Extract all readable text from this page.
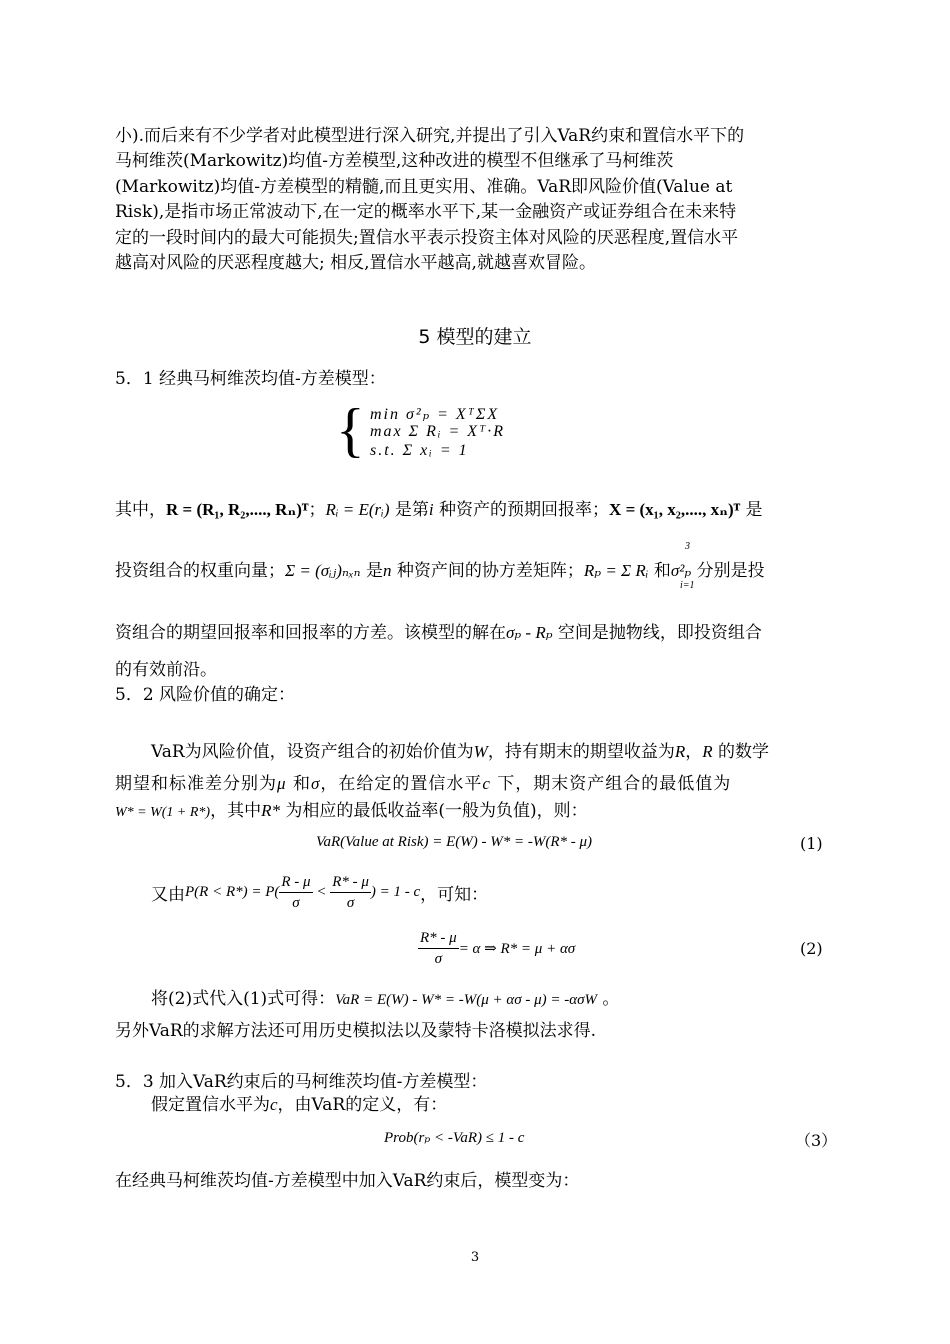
小).而后来有不少学者对此模型进行深入研究,并提出了引入VaR约束和置信水平下的
马柯维茨(Markowitz)均值-方差模型,这种改进的模型不但继承了马柯维茨
(Markowitz)均值-方差模型的精髓,而且更实用、准确。VaR即风险价值(Value at
Risk),是指市场正常波动下,在一定的概率水平下,某一金融资产或证券组合在未来特
定的一段时间内的最大可能损失;置信水平表示投资主体对风险的厌恶程度,置信水平
越高对风险的厌恶程度越大; 相反,置信水平越高,就越喜欢冒险。
5 模型的建立
5．1 经典马柯维茨均值-方差模型：
{ min σ²ₚ = XᵀΣX
max Σ Rᵢ = Xᵀ·R
s.t. Σ xᵢ = 1
其中，R = (R₁, R₂,...., Rₙ)ᵀ；Rᵢ = E(rᵢ) 是第i 种资产的预期回报率；X = (x₁, x₂,...., xₙ)ᵀ 是
投资组合的权重向量；Σ = (σᵢⱼ)ₙₓₙ 是n 种资产间的协方差矩阵；Rₚ = Σ Rᵢ 和σ²ₚ 分别是投
3
i=1
资组合的期望回报率和回报率的方差。该模型的解在σₚ - Rₚ 空间是抛物线，即投资组合
的有效前沿。
5．2 风险价值的确定：
VaR为风险价值，设资产组合的初始价值为W，持有期末的期望收益为R，R 的数学
期望和标准差分别为μ 和σ，在给定的置信水平c 下，期末资产组合的最低值为
W* = W(1 + R*)，其中R* 为相应的最低收益率(一般为负值)，则：
VaR(Value at Risk) = E(W) - W* = -W(R* - μ)	(1)
又由$P(R < R*) = P( \frac{R - \mu}{\sigma} < \frac{R* - \mu}{\sigma}$ ) = 1 - c，可知：
$\frac{R* - \mu}{\sigma} = \alpha$ ⇒ R* = μ + ασ	(2)
将(2)式代入(1)式可得：VaR = E(W) - W* = -W(μ + ασ - μ) = -ασW 。
另外VaR的求解方法还可用历史模拟法以及蒙特卡洛模拟法求得.
5．3 加入VaR约束后的马柯维茨均值-方差模型：
假定置信水平为c，由VaR的定义，有：
Prob(rₚ < -VaR) ≤ 1 - c	（3）
在经典马柯维茨均值-方差模型中加入VaR约束后，模型变为：
3
